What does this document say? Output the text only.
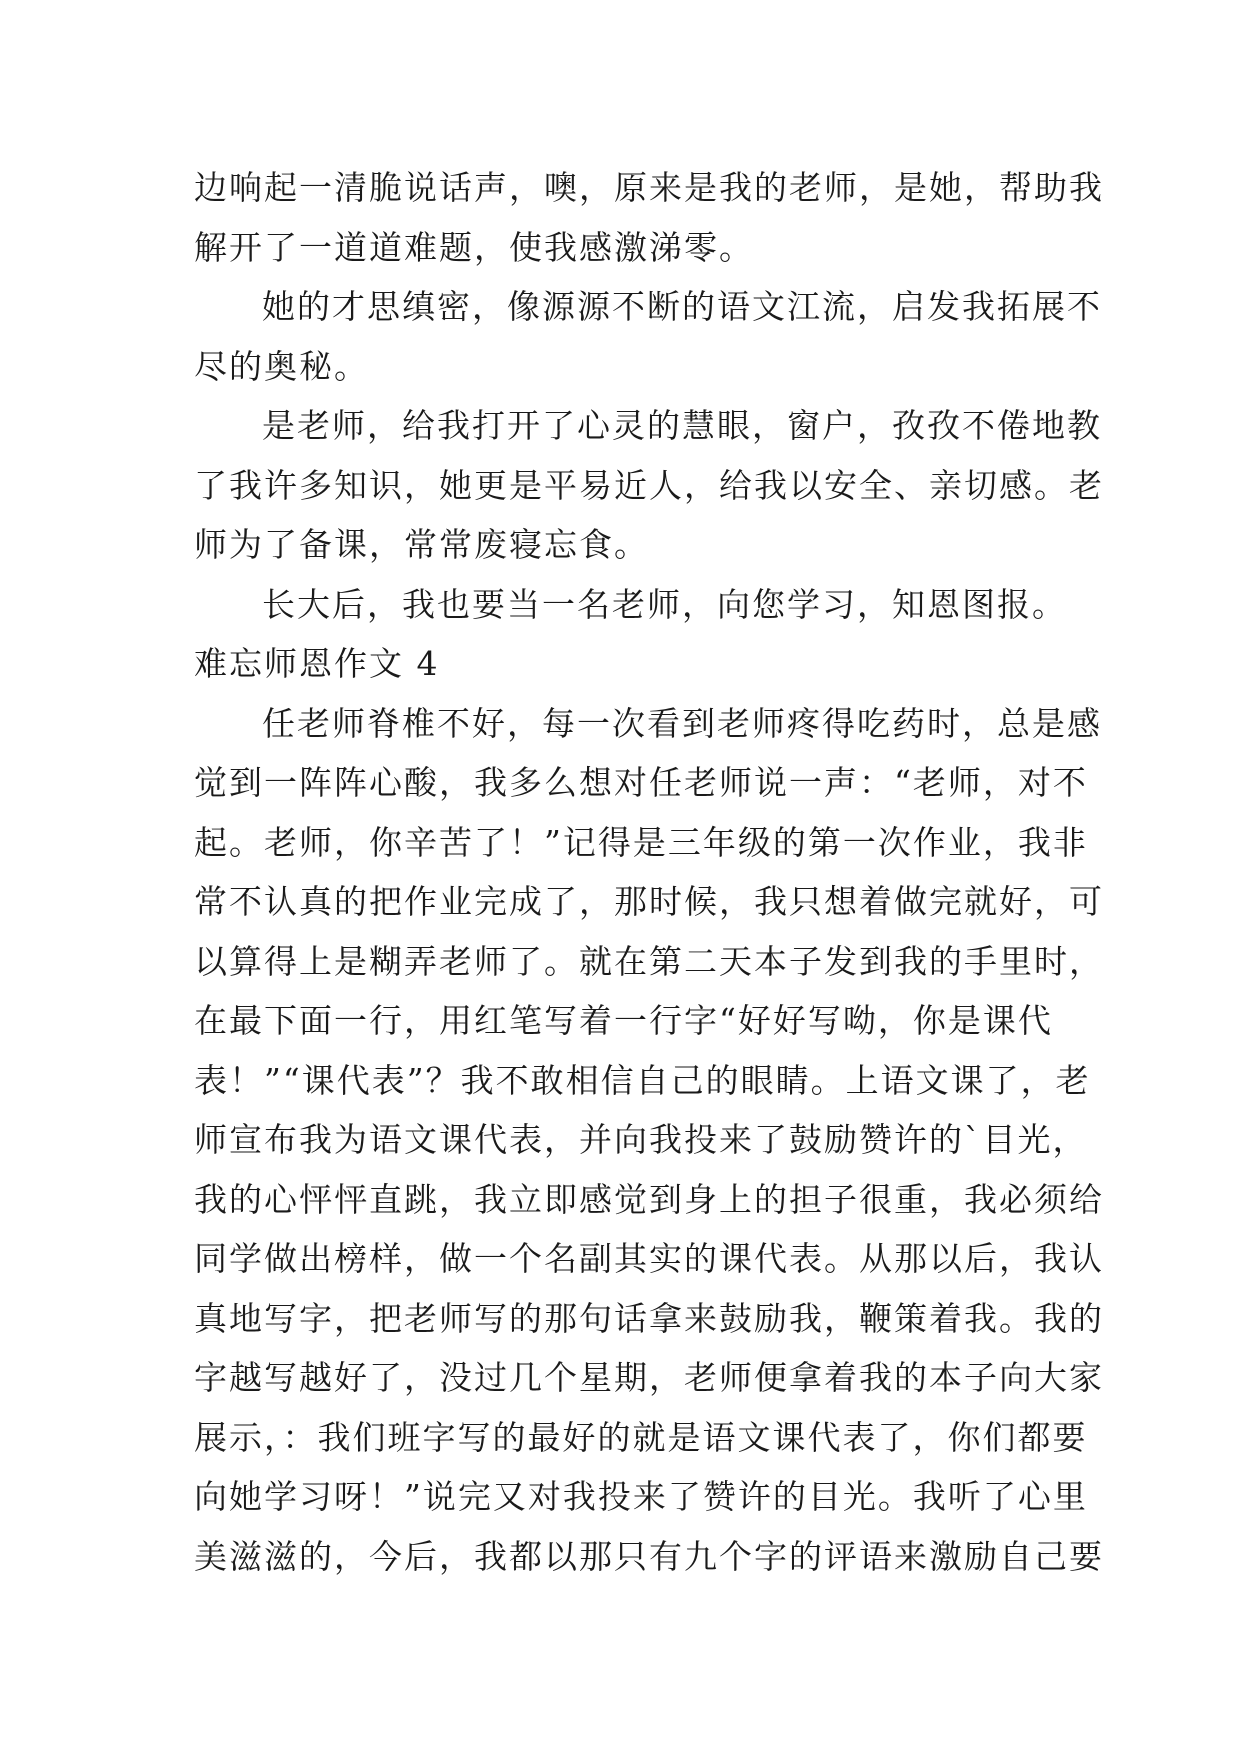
边响起一清脆说话声，噢，原来是我的老师，是她，帮助我
解开了一道道难题，使我感激涕零。
她的才思缜密，像源源不断的语文江流，启发我拓展不
尽的奥秘。
是老师，给我打开了心灵的慧眼，窗户，孜孜不倦地教
了我许多知识，她更是平易近人，给我以安全、亲切感。老
师为了备课，常常废寝忘食。
长大后，我也要当一名老师，向您学习，知恩图报。
难忘师恩作文 4
任老师脊椎不好，每一次看到老师疼得吃药时，总是感
觉到一阵阵心酸，我多么想对任老师说一声：“老师，对不
起。老师，你辛苦了！”记得是三年级的第一次作业，我非
常不认真的把作业完成了，那时候，我只想着做完就好，可
以算得上是糊弄老师了。就在第二天本子发到我的手里时，
在最下面一行，用红笔写着一行字“好好写呦，你是课代
表！”“课代表”？我不敢相信自己的眼睛。上语文课了，老
师宣布我为语文课代表，并向我投来了鼓励赞许的`目光，
我的心怦怦直跳，我立即感觉到身上的担子很重，我必须给
同学做出榜样，做一个名副其实的课代表。从那以后，我认
真地写字，把老师写的那句话拿来鼓励我，鞭策着我。我的
字越写越好了，没过几个星期，老师便拿着我的本子向大家
展示，：我们班字写的最好的就是语文课代表了，你们都要
向她学习呀！”说完又对我投来了赞许的目光。我听了心里
美滋滋的，今后，我都以那只有九个字的评语来激励自己要
